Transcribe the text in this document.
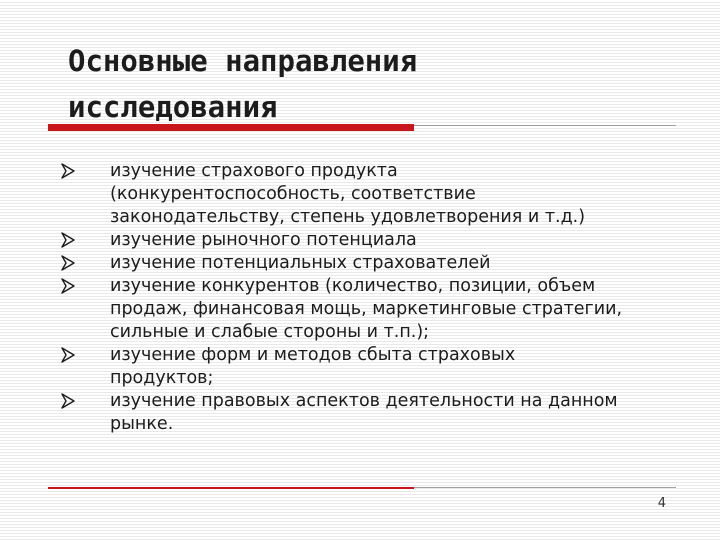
Основные направления
исследования
изучение страхового продукта
(конкурентоспособность, соответствие
законодательству, степень удовлетворения и т.д.)
изучение рыночного потенциала
изучение потенциальных страхователей
изучение конкурентов (количество, позиции, объем
продаж, финансовая мощь, маркетинговые стратегии,
сильные и слабые стороны и т.п.);
изучение форм и методов сбыта страховых
продуктов;
изучение правовых аспектов деятельности на данном
рынке.
4
